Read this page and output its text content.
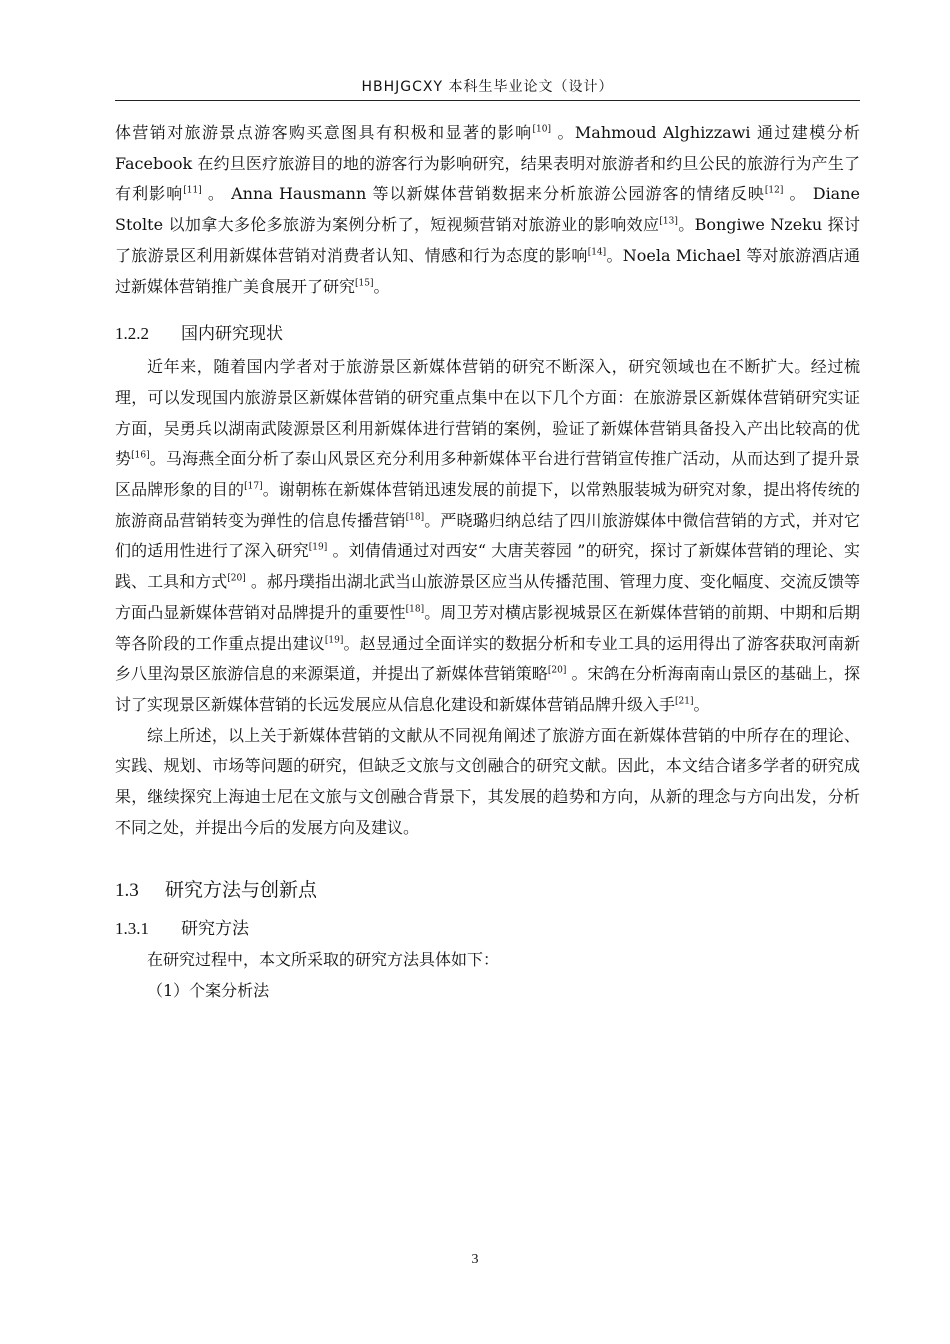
HBHJGCXY 本科生毕业论文（设计）

体营销对旅游景点游客购买意图具有积极和显著的影响[10] 。Mahmoud Alghizzawi 通过建模分析 Facebook 在约旦医疗旅游目的地的游客行为影响研究，结果表明对旅游者和约旦公民的旅游行为产生了有利影响[11] 。 Anna Hausmann 等以新媒体营销数据来分析旅游公园游客的情绪反映[12] 。 Diane Stolte 以加拿大多伦多旅游为案例分析了，短视频营销对旅游业的影响效应[13]。Bongiwe Nzeku 探讨了旅游景区利用新媒体营销对消费者认知、情感和行为态度的影响[14]。Noela Michael 等对旅游酒店通过新媒体营销推广美食展开了研究[15]。

1.2.2 国内研究现状

近年来，随着国内学者对于旅游景区新媒体营销的研究不断深入，研究领域也在不断扩大。经过梳理，可以发现国内旅游景区新媒体营销的研究重点集中在以下几个方面：在旅游景区新媒体营销研究实证方面，吴勇兵以湖南武陵源景区利用新媒体进行营销的案例，验证了新媒体营销具备投入产出比较高的优势[16]。马海燕全面分析了泰山风景区充分利用多种新媒体平台进行营销宣传推广活动，从而达到了提升景区品牌形象的目的[17]。谢朝栋在新媒体营销迅速发展的前提下，以常熟服装城为研究对象，提出将传统的旅游商品营销转变为弹性的信息传播营销[18]。严晓璐归纳总结了四川旅游媒体中微信营销的方式，并对它们的适用性进行了深入研究[19] 。刘倩倩通过对西安“ 大唐芙蓉园 ”的研究，探讨了新媒体营销的理论、实践、工具和方式[20] 。郝丹璞指出湖北武当山旅游景区应当从传播范围、管理力度、变化幅度、交流反馈等方面凸显新媒体营销对品牌提升的重要性[18]。周卫芳对横店影视城景区在新媒体营销的前期、中期和后期等各阶段的工作重点提出建议[19]。赵昱通过全面详实的数据分析和专业工具的运用得出了游客获取河南新乡八里沟景区旅游信息的来源渠道，并提出了新媒体营销策略[20] 。宋鸽在分析海南南山景区的基础上，探讨了实现景区新媒体营销的长远发展应从信息化建设和新媒体营销品牌升级入手[21]。

综上所述，以上关于新媒体营销的文献从不同视角阐述了旅游方面在新媒体营销的中所存在的理论、实践、规划、市场等问题的研究，但缺乏文旅与文创融合的研究文献。因此，本文结合诸多学者的研究成果，继续探究上海迪士尼在文旅与文创融合背景下，其发展的趋势和方向，从新的理念与方向出发，分析不同之处，并提出今后的发展方向及建议。

1.3 研究方法与创新点
1.3.1 研究方法

在研究过程中，本文所采取的研究方法具体如下：

（1）个案分析法

3
